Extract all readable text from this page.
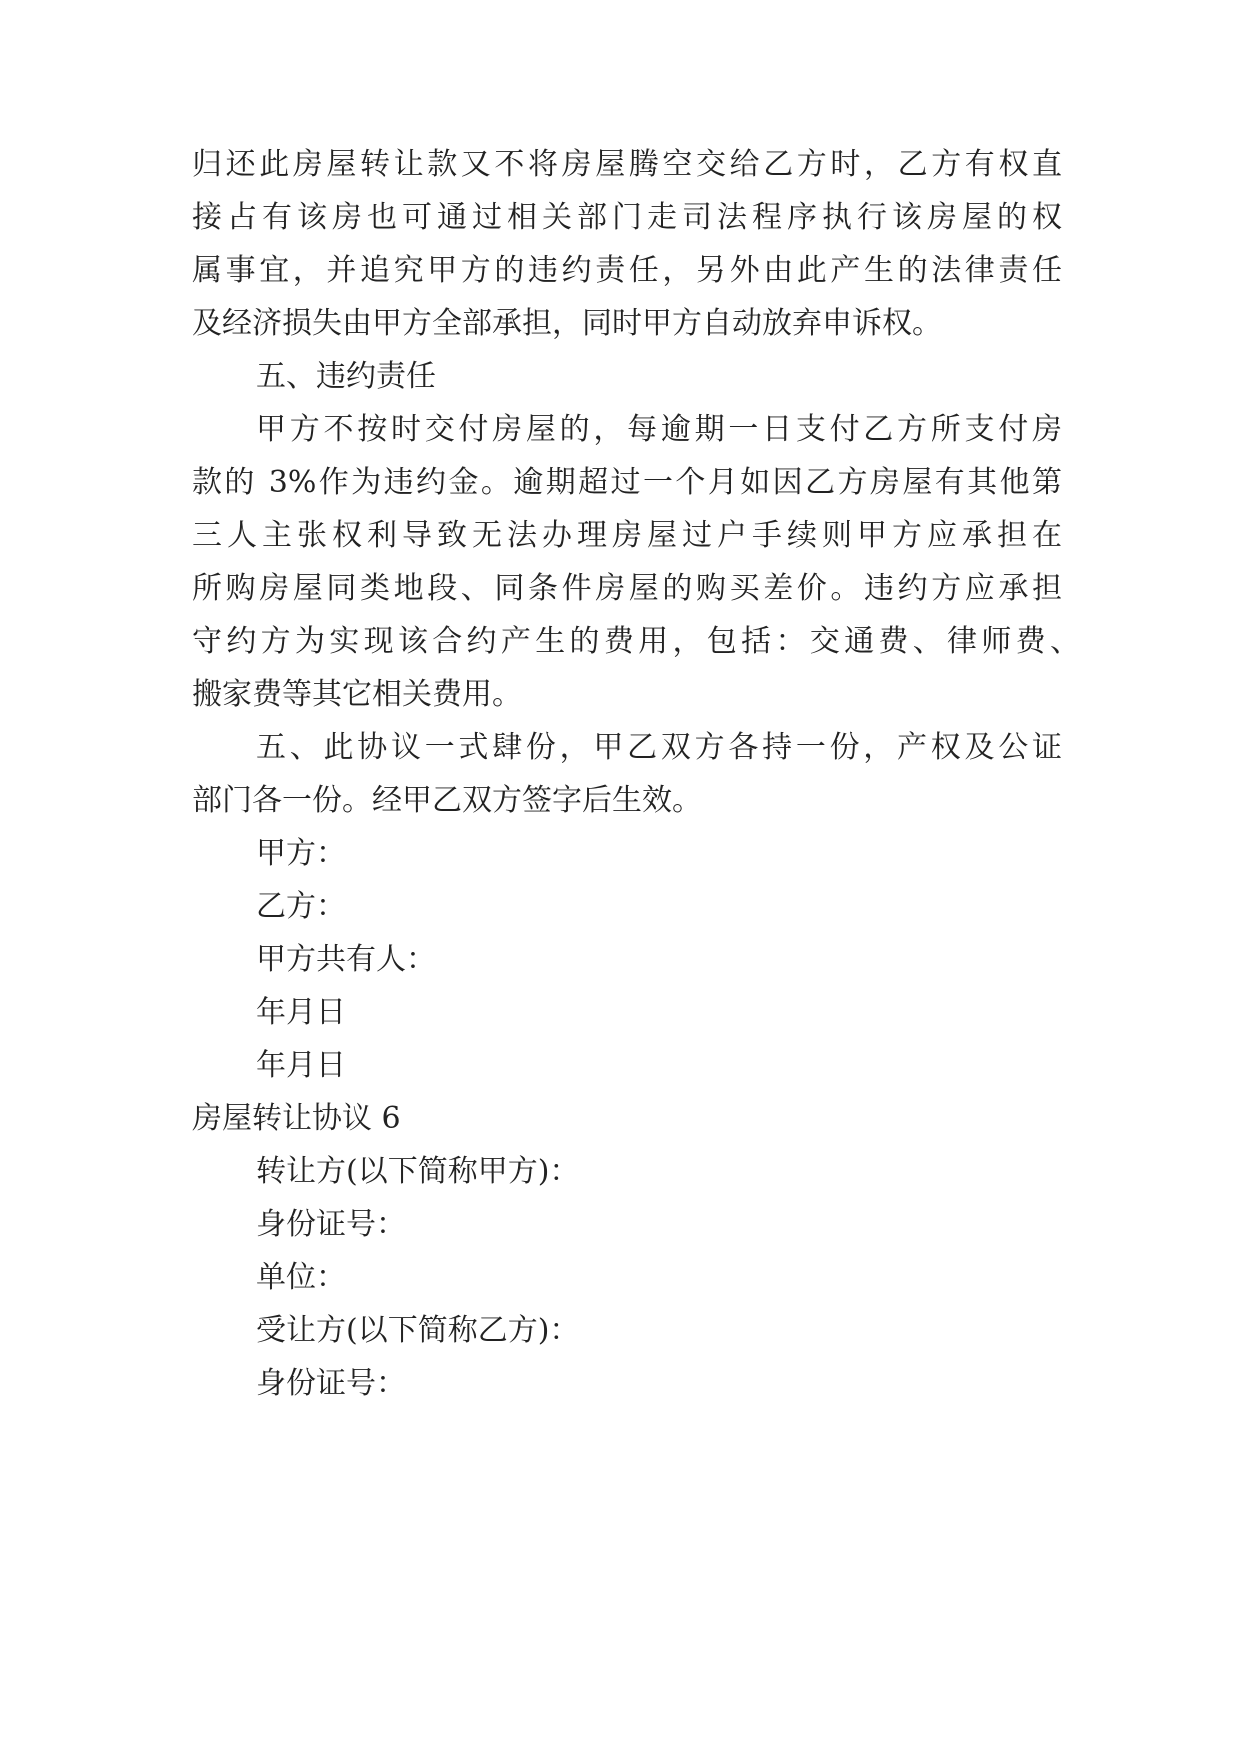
归还此房屋转让款又不将房屋腾空交给乙方时，乙方有权直
接占有该房也可通过相关部门走司法程序执行该房屋的权
属事宜，并追究甲方的违约责任，另外由此产生的法律责任
及经济损失由甲方全部承担，同时甲方自动放弃申诉权。
五、违约责任
甲方不按时交付房屋的，每逾期一日支付乙方所支付房
款的 3%作为违约金。逾期超过一个月如因乙方房屋有其他第
三人主张权利导致无法办理房屋过户手续则甲方应承担在
所购房屋同类地段、同条件房屋的购买差价。违约方应承担
守约方为实现该合约产生的费用，包括：交通费、律师费、
搬家费等其它相关费用。
五、此协议一式肆份，甲乙双方各持一份，产权及公证
部门各一份。经甲乙双方签字后生效。
甲方：
乙方：
甲方共有人：
年月日
年月日
房屋转让协议 6
转让方(以下简称甲方)：
身份证号：
单位：
受让方(以下简称乙方)：
身份证号：
